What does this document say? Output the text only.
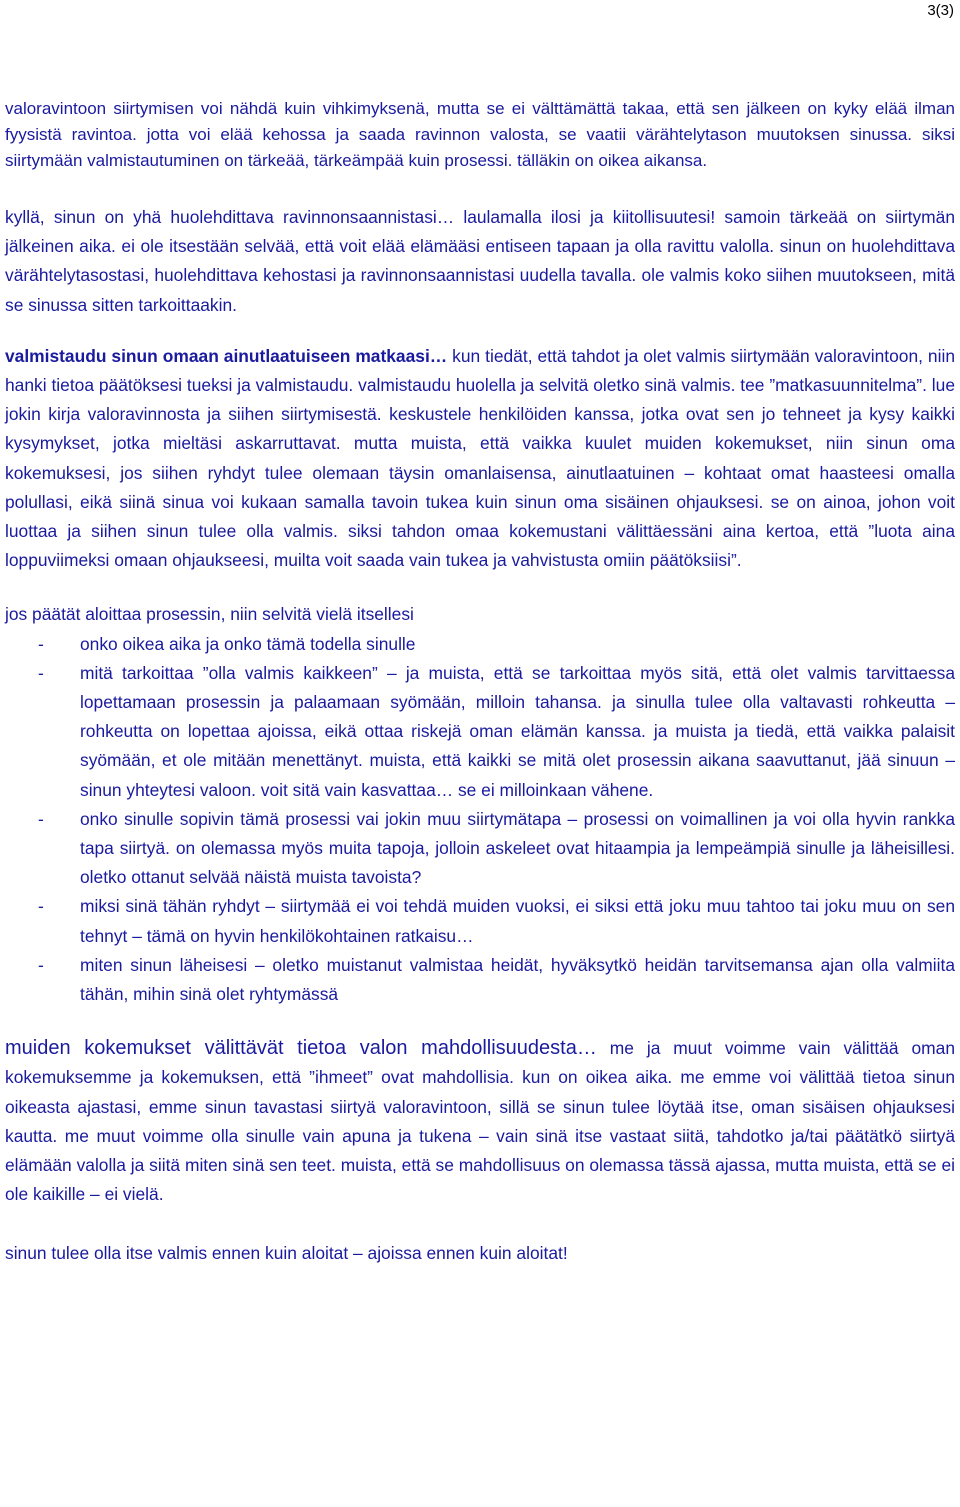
3(3)

valoravintoon siirtymisen voi nähdä kuin vihkimyksenä, mutta se ei välttämättä takaa, että sen jälkeen on kyky elää ilman fyysistä ravintoa. jotta voi elää kehossa ja saada ravinnon valosta, se vaatii värähtelytason muutoksen sinussa. siksi siirtymään valmistautuminen on tärkeää, tärkeämpää kuin prosessi. tälläkin on oikea aikansa.

kyllä, sinun on yhä huolehdittava ravinnonsaannistasi… laulamalla ilosi ja kiitollisuutesi! samoin tärkeää on siirtymän jälkeinen aika. ei ole itsestään selvää, että voit elää elämääsi entiseen tapaan ja olla ravittu valolla. sinun on huolehdittava värähtelytasostasi, huolehdittava kehostasi ja ravinnonsaannistasi uudella tavalla. ole valmis koko siihen muutokseen, mitä se sinussa sitten tarkoittaakin.

valmistaudu sinun omaan ainutlaatuiseen matkaasi… kun tiedät, että tahdot ja olet valmis siirtymään valoravintoon, niin hanki tietoa päätöksesi tueksi ja valmistaudu. valmistaudu huolella ja selvitä oletko sinä valmis. tee ”matkasuunnitelma”. lue jokin kirja valoravinnosta ja siihen siirtymisestä. keskustele henkilöiden kanssa, jotka ovat sen jo tehneet ja kysy kaikki kysymykset, jotka mieltäsi askarruttavat. mutta muista, että vaikka kuulet muiden kokemukset, niin sinun oma kokemuksesi, jos siihen ryhdyt tulee olemaan täysin omanlaisensa, ainutlaatuinen – kohtaat omat haasteesi omalla polullasi, eikä siinä sinua voi kukaan samalla tavoin tukea kuin sinun oma sisäinen ohjauksesi. se on ainoa, johon voit luottaa ja siihen sinun tulee olla valmis. siksi tahdon omaa kokemustani välittäessäni aina kertoa, että ”luota aina loppuviimeksi omaan ohjaukseesi, muilta voit saada vain tukea ja vahvistusta omiin päätöksiisi”.

jos päätät aloittaa prosessin, niin selvitä vielä itsellesi

- onko oikea aika ja onko tämä todella sinulle
- mitä tarkoittaa ”olla valmis kaikkeen” – ja muista, että se tarkoittaa myös sitä, että olet valmis tarvittaessa lopettamaan prosessin ja palaamaan syömään, milloin tahansa. ja sinulla tulee olla valtavasti rohkeutta – rohkeutta on lopettaa ajoissa, eikä ottaa riskejä oman elämän kanssa. ja muista ja tiedä, että vaikka palaisit syömään, et ole mitään menettänyt. muista, että kaikki se mitä olet prosessin aikana saavuttanut, jää sinuun – sinun yhteytesi valoon. voit sitä vain kasvattaa… se ei milloinkaan vähene.
- onko sinulle sopivin tämä prosessi vai jokin muu siirtymätapa – prosessi on voimallinen ja voi olla hyvin rankka tapa siirtyä. on olemassa myös muita tapoja, jolloin askeleet ovat hitaampia ja lempeämpiä sinulle ja läheisillesi. oletko ottanut selvää näistä muista tavoista?
- miksi sinä tähän ryhdyt – siirtymää ei voi tehdä muiden vuoksi, ei siksi että joku muu tahtoo tai joku muu on sen tehnyt – tämä on hyvin henkilökohtainen ratkaisu…
- miten sinun läheisesi – oletko muistanut valmistaa heidät, hyväksytkö heidän tarvitsemansa ajan olla valmiita tähän, mihin sinä olet ryhtymässä

muiden kokemukset välittävät tietoa valon mahdollisuudesta… me ja muut voimme vain välittää oman kokemuksemme ja kokemuksen, että ”ihmeet” ovat mahdollisia. kun on oikea aika. me emme voi välittää tietoa sinun oikeasta ajastasi, emme sinun tavastasi siirtyä valoravintoon, sillä se sinun tulee löytää itse, oman sisäisen ohjauksesi kautta. me muut voimme olla sinulle vain apuna ja tukena – vain sinä itse vastaat siitä, tahdotko ja/tai päätätkö siirtyä elämään valolla ja siitä miten sinä sen teet. muista, että se mahdollisuus on olemassa tässä ajassa, mutta muista, että se ei ole kaikille – ei vielä.

sinun tulee olla itse valmis ennen kuin aloitat – ajoissa ennen kuin aloitat!
